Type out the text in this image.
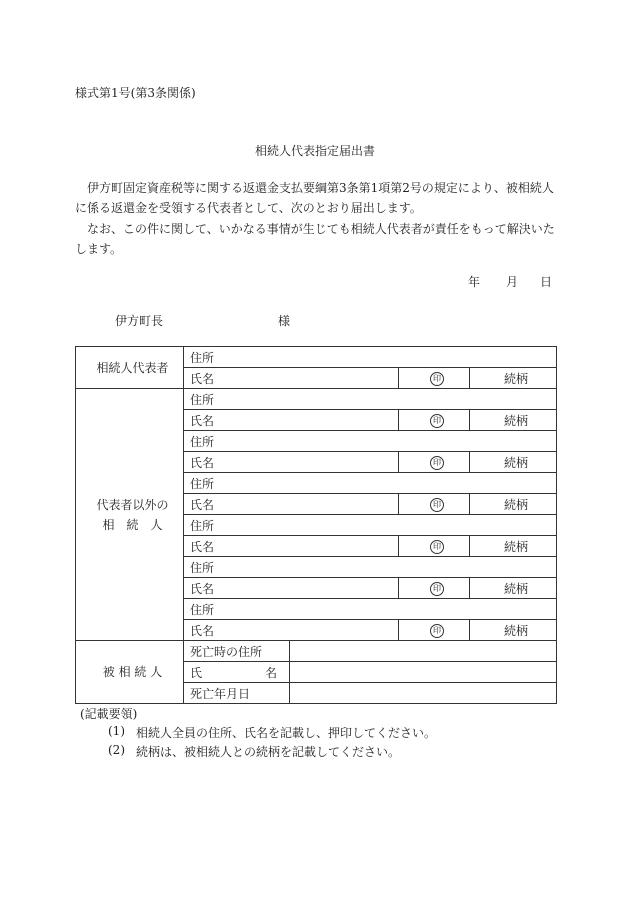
様式第1号(第3条関係)
相続人代表指定届出書
伊方町固定資産税等に関する返還金支払要綱第3条第1項第2号の規定により、被相続人に係る返還金を受領する代表者として、次のとおり届出します。
なお、この件に関して、いかなる事情が生じても相続人代表者が責任をもって解決いたします。
年 月 日
伊方町長	様
相続人代表者	住所				
	氏名		印	続柄	

代表者以外の
相　続　人	住所				
	氏名		印	続柄	
	住所				
	氏名		印	続柄	
	住所				
	氏名		印	続柄	
	住所				
	氏名		印	続柄	
	住所				
	氏名		印	続柄	
	住所				
	氏名		印	続柄	
被 相 続 人	死亡時の住所				

	氏 名				

	死亡年月日				
(記載要領)
(1) 相続人全員の住所、氏名を記載し、押印してください。
(2) 続柄は、被相続人との続柄を記載してください。
